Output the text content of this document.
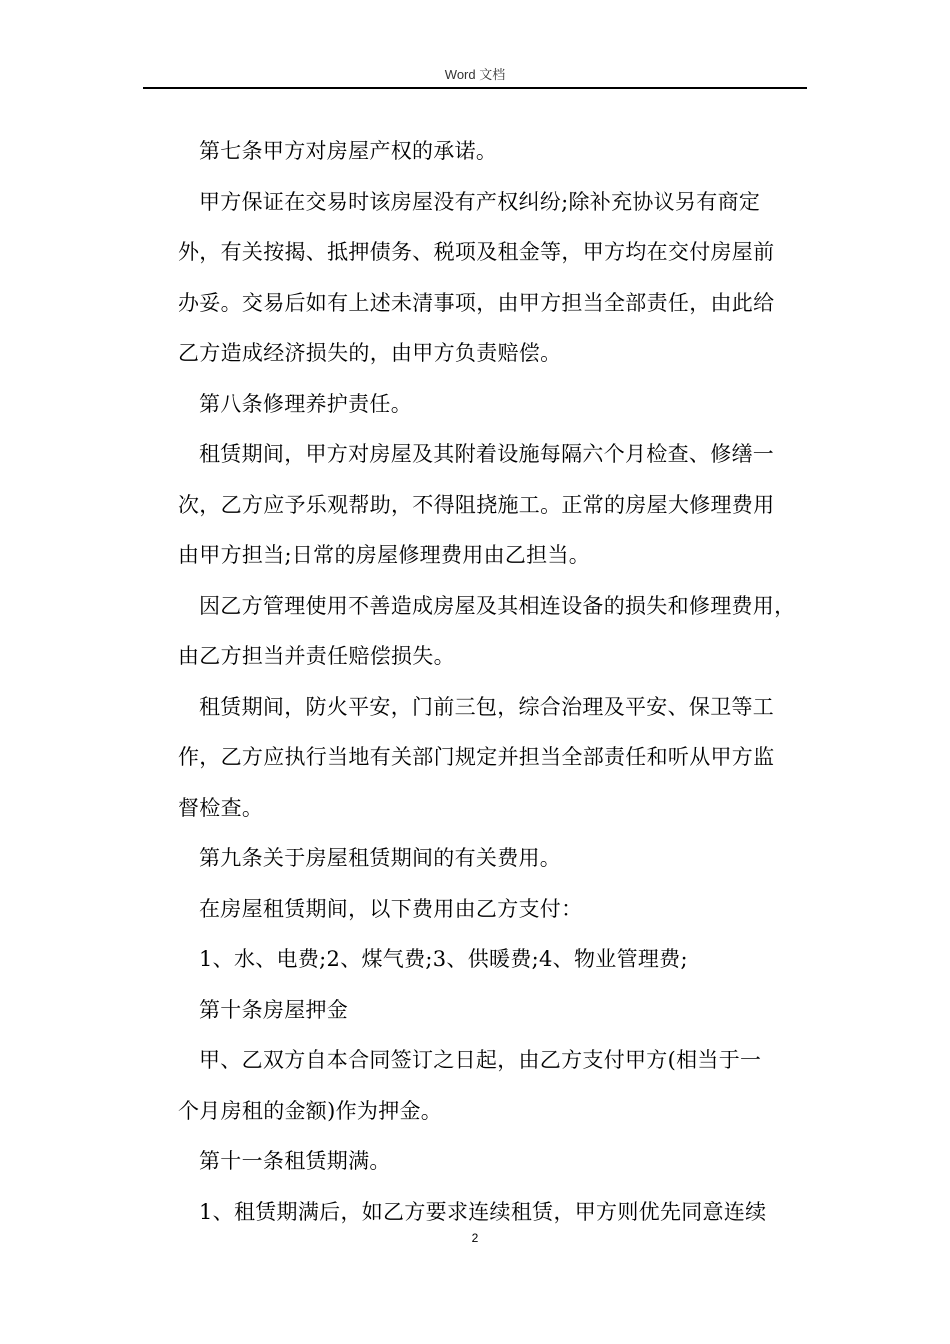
Word 文档
第七条甲方对房屋产权的承诺。
甲方保证在交易时该房屋没有产权纠纷;除补充协议另有商定
外，有关按揭、抵押债务、税项及租金等，甲方均在交付房屋前
办妥。交易后如有上述未清事项，由甲方担当全部责任，由此给
乙方造成经济损失的，由甲方负责赔偿。
第八条修理养护责任。
租赁期间，甲方对房屋及其附着设施每隔六个月检查、修缮一
次，乙方应予乐观帮助，不得阻挠施工。正常的房屋大修理费用
由甲方担当;日常的房屋修理费用由乙担当。
因乙方管理使用不善造成房屋及其相连设备的损失和修理费用，
由乙方担当并责任赔偿损失。
租赁期间，防火平安，门前三包，综合治理及平安、保卫等工
作，乙方应执行当地有关部门规定并担当全部责任和听从甲方监
督检查。
第九条关于房屋租赁期间的有关费用。
在房屋租赁期间，以下费用由乙方支付：
1、水、电费;2、煤气费;3、供暖费;4、物业管理费;
第十条房屋押金
甲、乙双方自本合同签订之日起，由乙方支付甲方(相当于一
个月房租的金额)作为押金。
第十一条租赁期满。
1、租赁期满后，如乙方要求连续租赁，甲方则优先同意连续
2
